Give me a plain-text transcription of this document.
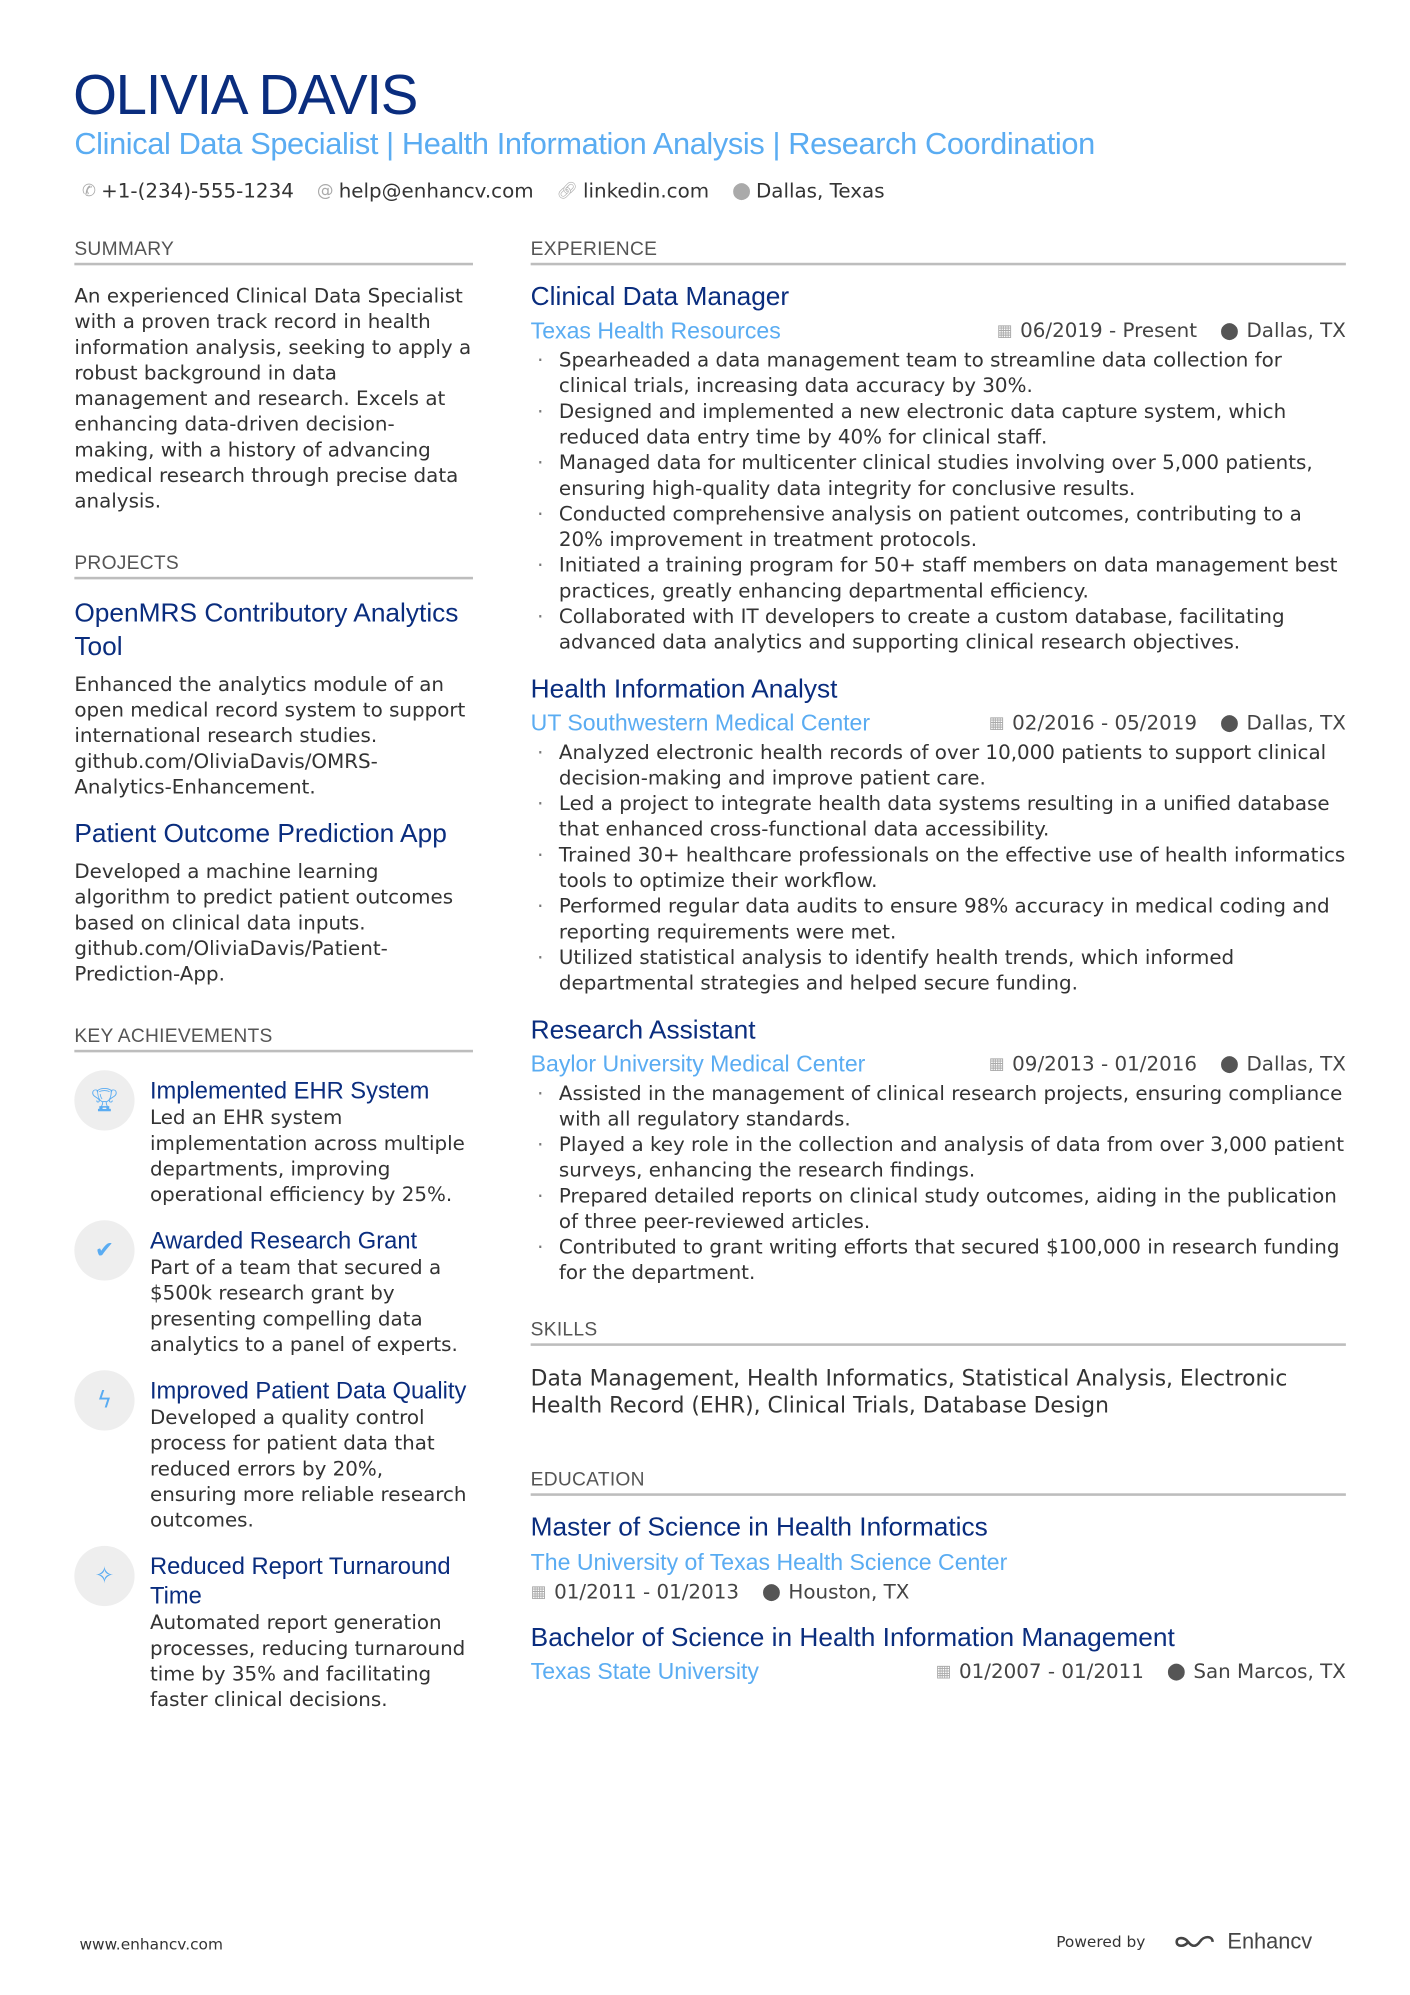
OLIVIA DAVIS
Clinical Data Specialist | Health Information Analysis | Research Coordination
✆ +1-(234)-555-1234 @ help@enhancv.com 🔗︎ linkedin.com ⬤ Dallas, Texas
SUMMARY
An experienced Clinical Data Specialist with a proven track record in health information analysis, seeking to apply a robust background in data management and research. Excels at enhancing data-driven decision-making, with a history of advancing medical research through precise data analysis.
PROJECTS
OpenMRS Contributory Analytics Tool
Enhanced the analytics module of an open medical record system to support international research studies. github.com/OliviaDavis/OMRS-Analytics-Enhancement.
Patient Outcome Prediction App
Developed a machine learning algorithm to predict patient outcomes based on clinical data inputs. github.com/OliviaDavis/Patient-Prediction-App.
KEY ACHIEVEMENTS
🏆︎	Implemented EHR System
Led an EHR system implementation across multiple departments, improving operational efficiency by 25%.
✔	Awarded Research Grant
Part of a team that secured a $500k research grant by presenting compelling data analytics to a panel of experts.
ϟ	Improved Patient Data Quality
Developed a quality control process for patient data that reduced errors by 20%, ensuring more reliable research outcomes.
✧	Reduced Report Turnaround Time
Automated report generation processes, reducing turnaround time by 35% and facilitating faster clinical decisions.
EXPERIENCE
Clinical Data Manager
Texas Health Resources	▦ 06/2019 - Present ⬤ Dallas, TX
· Spearheaded a data management team to streamline data collection for clinical trials, increasing data accuracy by 30%.
· Designed and implemented a new electronic data capture system, which reduced data entry time by 40% for clinical staff.
· Managed data for multicenter clinical studies involving over 5,000 patients, ensuring high-quality data integrity for conclusive results.
· Conducted comprehensive analysis on patient outcomes, contributing to a 20% improvement in treatment protocols.
· Initiated a training program for 50+ staff members on data management best practices, greatly enhancing departmental efficiency.
· Collaborated with IT developers to create a custom database, facilitating advanced data analytics and supporting clinical research objectives.
Health Information Analyst
UT Southwestern Medical Center	▦ 02/2016 - 05/2019 ⬤ Dallas, TX
· Analyzed electronic health records of over 10,000 patients to support clinical decision-making and improve patient care.
· Led a project to integrate health data systems resulting in a unified database that enhanced cross-functional data accessibility.
· Trained 30+ healthcare professionals on the effective use of health informatics tools to optimize their workflow.
· Performed regular data audits to ensure 98% accuracy in medical coding and reporting requirements were met.
· Utilized statistical analysis to identify health trends, which informed departmental strategies and helped secure funding.
Research Assistant
Baylor University Medical Center	▦ 09/2013 - 01/2016 ⬤ Dallas, TX
· Assisted in the management of clinical research projects, ensuring compliance with all regulatory standards.
· Played a key role in the collection and analysis of data from over 3,000 patient surveys, enhancing the research findings.
· Prepared detailed reports on clinical study outcomes, aiding in the publication of three peer-reviewed articles.
· Contributed to grant writing efforts that secured $100,000 in research funding for the department.
SKILLS
Data Management, Health Informatics, Statistical Analysis, Electronic Health Record (EHR), Clinical Trials, Database Design
EDUCATION
Master of Science in Health Informatics
The University of Texas Health Science Center
▦ 01/2011 - 01/2013 ⬤ Houston, TX
Bachelor of Science in Health Information Management
Texas State University	▦ 01/2007 - 01/2011 ⬤ San Marcos, TX
www.enhancv.com	Powered by	Enhancv
